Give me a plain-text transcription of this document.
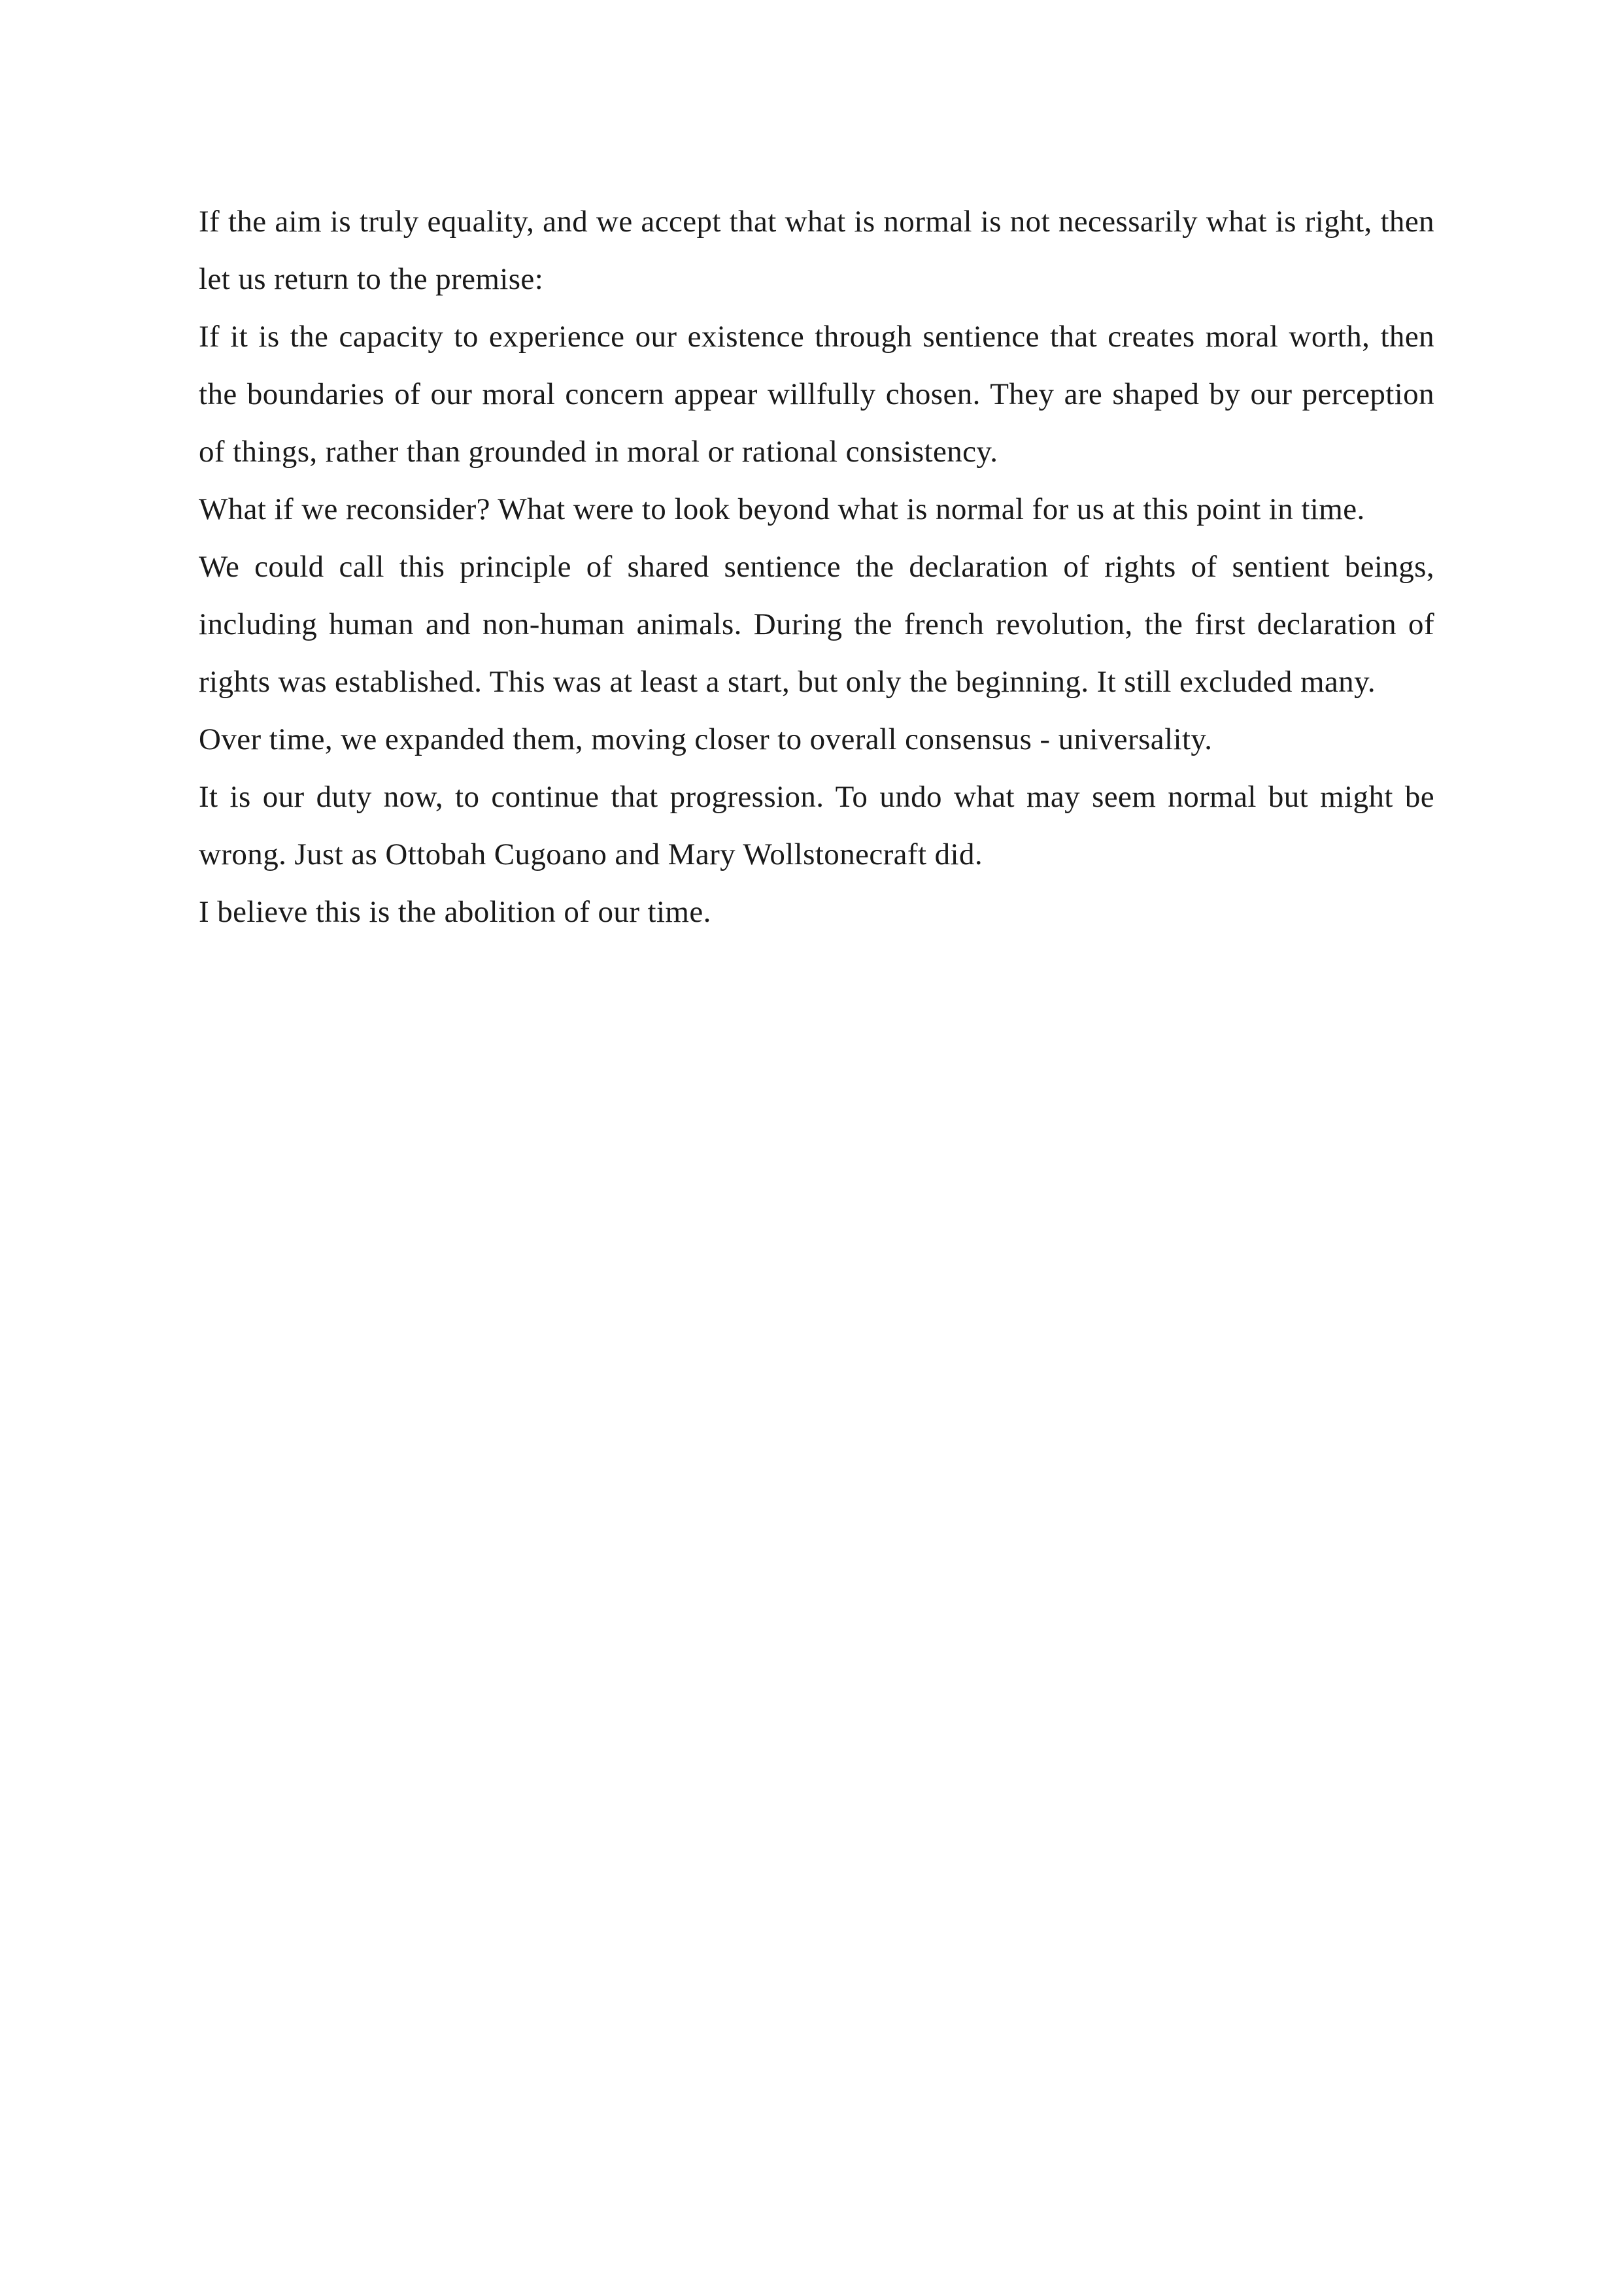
If the aim is truly equality, and we accept that what is normal is not necessarily what is right, then let us return to the premise:

If it is the capacity to experience our existence through sentience that creates moral worth, then the boundaries of our moral concern appear willfully chosen. They are shaped by our perception of things, rather than grounded in moral or rational consistency.

What if we reconsider? What were to look beyond what is normal for us at this point in time.

We could call this principle of shared sentience the declaration of rights of sentient beings, including human and non-human animals. During the french revolution, the first declaration of rights was established. This was at least a start, but only the beginning. It still excluded many.

Over time, we expanded them, moving closer to overall consensus - universality.

It is our duty now, to continue that progression. To undo what may seem normal but might be wrong. Just as Ottobah Cugoano and Mary Wollstonecraft did.

I believe this is the abolition of our time.
